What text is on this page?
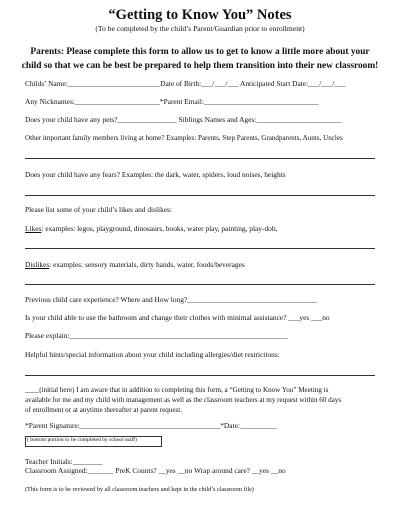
“Getting to Know You” Notes
(To be completed by the child’s Parent/Guardian prior to enrollment)
Parents: Please complete this form to allow us to get to know a little more about your
child so that we can be best be prepared to help them transition into their new classroom!
Childs’ Name:_________________________Date of Birth:___/___/___ Anticipated Start Date:___/___/___
Any Nicknames:_______________________*Parent Email:_______________________________
Does your child have any pets?________________ Siblings Names and Ages:_______________________
Other important family members living at home? Examples: Parents, Step Parents, Grandparents, Aunts, Uncles
Does your child have any fears? Examples: the dark, water, spiders, loud noises, heights
Please list some of your child’s likes and dislikes:
Likes: examples: legos, playground, dinosaurs, books, water play, painting, play-doh,
Dislikes: examples: sensory materials, dirty hands, water, foods/beverages
Previous child care experience? Where and How long?___________________________________
Is your child able to use the bathroom and change their clothes with minimal assistance? ___yes ___no
Please explain:___________________________________________________________
Helpful hints/special information about your child including allergies/diet restrictions:
____(initial here) I am aware that in addition to completing this form, a “Getting to Know You” Meeting is
available for me and my child with management as well as the classroom teachers at my request within 60 days
of enrollment or at anytime thereafter at parent request.
*Parent Signature:______________________________________*Date:__________
( bottom portion to be completed by school staff)
Teacher Initials:________
Classroom Assigned:_______ PreK Counts? __yes __no Wrap around care? __yes __no
(This form is to be reviewed by all classroom teachers and kept in the child’s classroom file)
